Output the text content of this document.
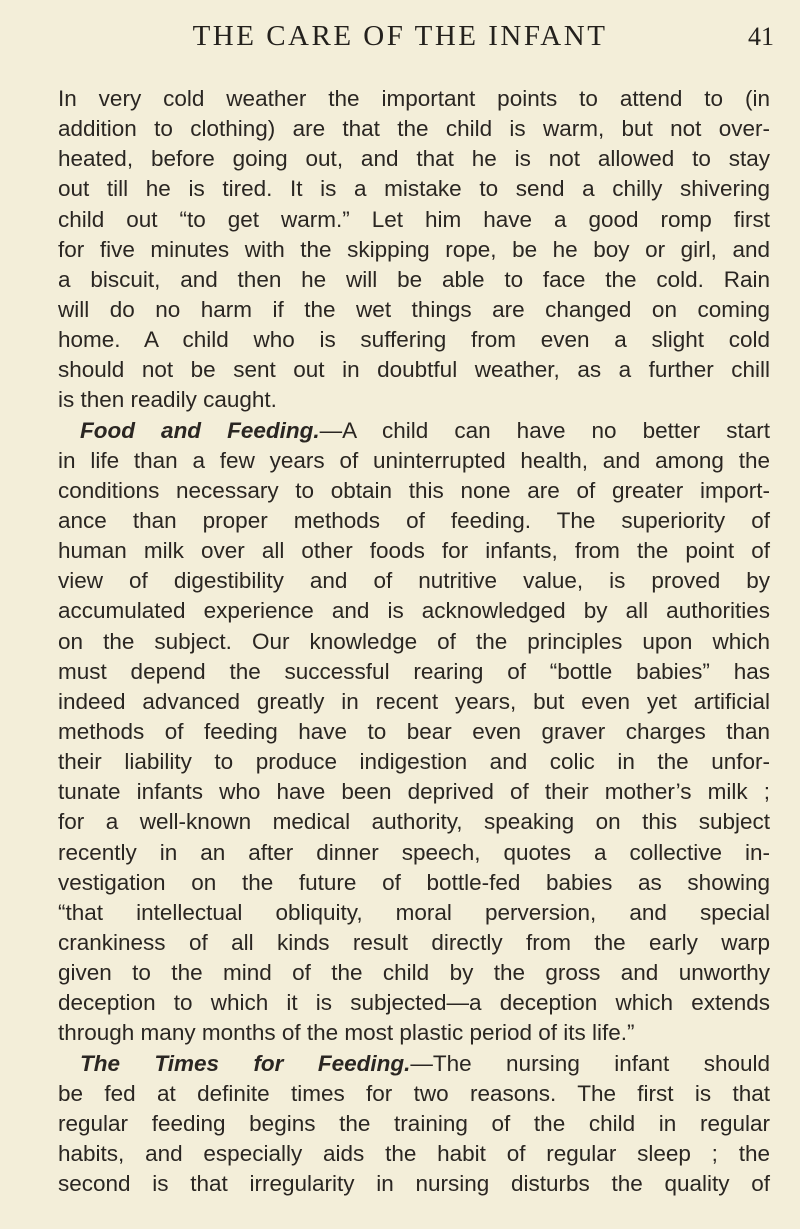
THE CARE OF THE INFANT	41
In very cold weather the important points to attend to (in
addition to clothing) are that the child is warm, but not over-
heated, before going out, and that he is not allowed to stay
out till he is tired. It is a mistake to send a chilly shivering
child out “to get warm.” Let him have a good romp first
for five minutes with the skipping rope, be he boy or girl, and
a biscuit, and then he will be able to face the cold. Rain
will do no harm if the wet things are changed on coming
home. A child who is suffering from even a slight cold
should not be sent out in doubtful weather, as a further chill
is then readily caught.
Food and Feeding.—A child can have no better start
in life than a few years of uninterrupted health, and among the
conditions necessary to obtain this none are of greater import-
ance than proper methods of feeding. The superiority of
human milk over all other foods for infants, from the point of
view of digestibility and of nutritive value, is proved by
accumulated experience and is acknowledged by all authorities
on the subject. Our knowledge of the principles upon which
must depend the successful rearing of “bottle babies” has
indeed advanced greatly in recent years, but even yet artificial
methods of feeding have to bear even graver charges than
their liability to produce indigestion and colic in the unfor-
tunate infants who have been deprived of their mother’s milk ;
for a well-known medical authority, speaking on this subject
recently in an after dinner speech, quotes a collective in-
vestigation on the future of bottle-fed babies as showing
“that intellectual obliquity, moral perversion, and special
crankiness of all kinds result directly from the early warp
given to the mind of the child by the gross and unworthy
deception to which it is subjected—a deception which extends
through many months of the most plastic period of its life.”
The Times for Feeding.—The nursing infant should
be fed at definite times for two reasons. The first is that
regular feeding begins the training of the child in regular
habits, and especially aids the habit of regular sleep ; the
second is that irregularity in nursing disturbs the quality of
